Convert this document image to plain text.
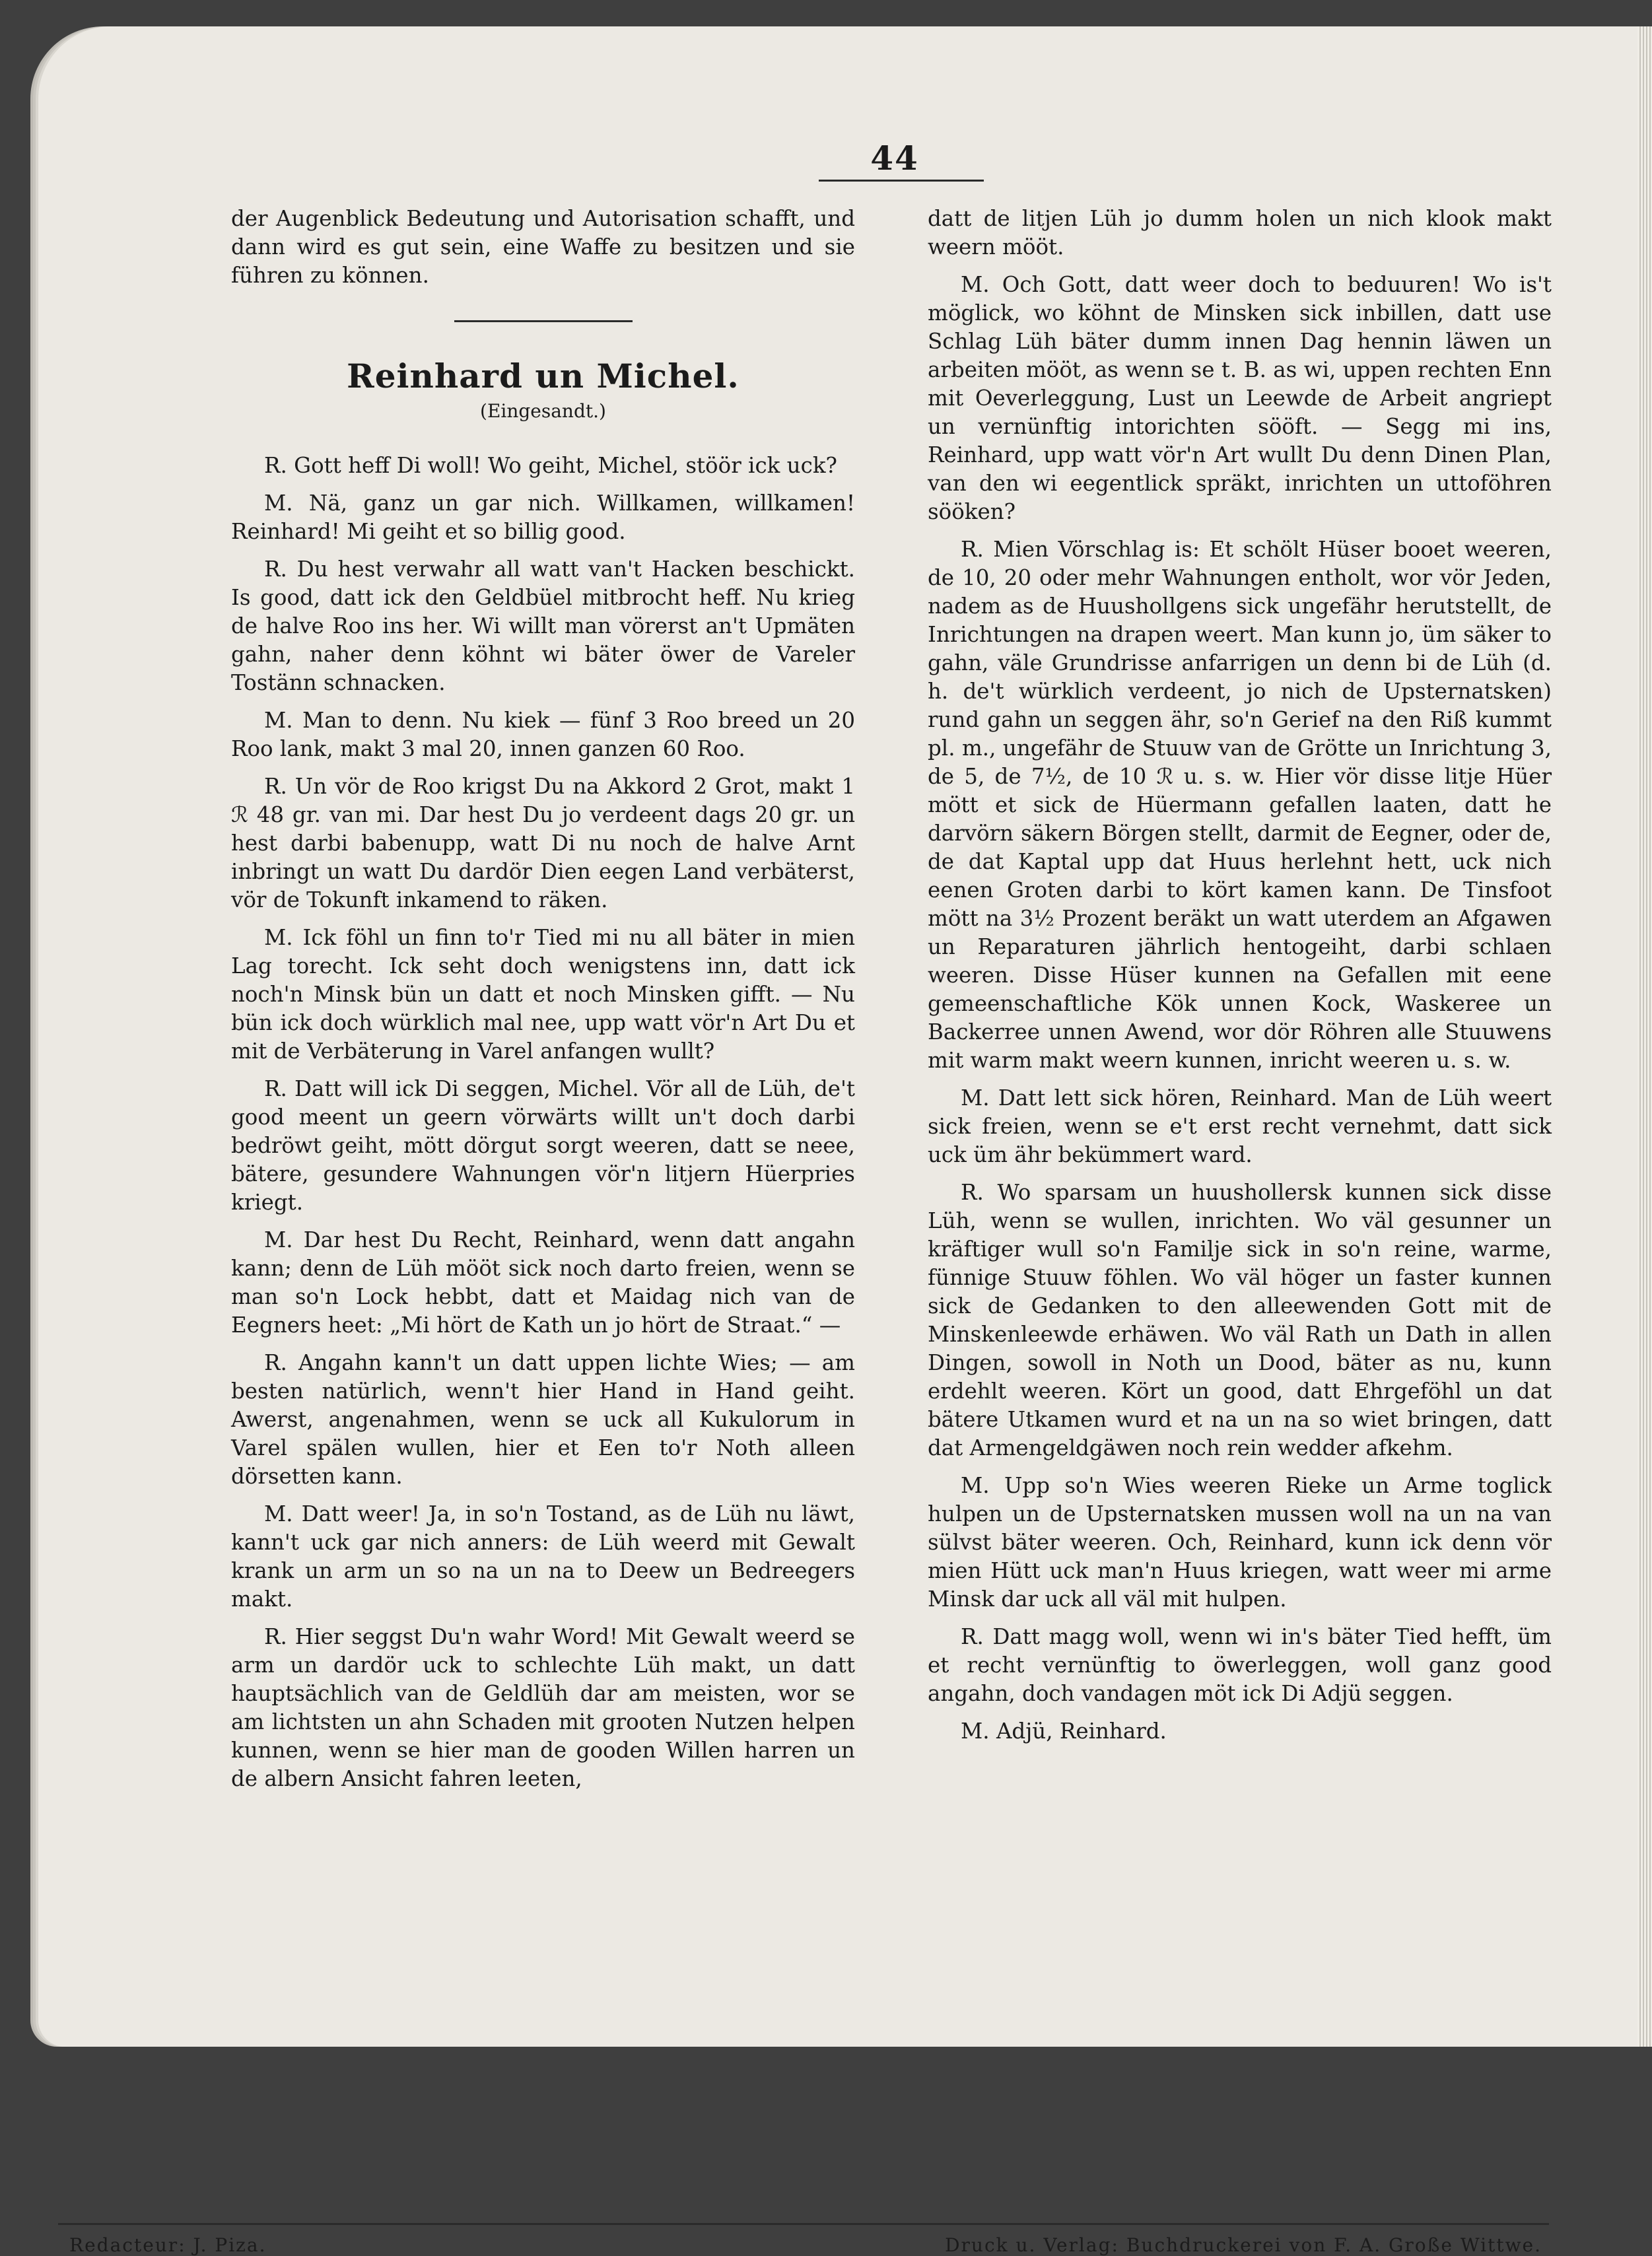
44

der Augenblick Bedeutung und Autorisation schafft, und dann wird es gut sein, eine Waffe zu besitzen und sie führen zu können.

Reinhard un Michel.
(Eingesandt.)

R. Gott heff Di woll! Wo geiht, Michel, stöör ick uck?

M. Nä, ganz un gar nich. Willkamen, willkamen! Reinhard! Mi geiht et so billig good.

R. Du hest verwahr all watt van't Hacken beschickt. Is good, datt ick den Geldbüel mitbrocht heff. Nu krieg de halve Roo ins her. Wi willt man vörerst an't Upmäten gahn, naher denn köhnt wi bäter öwer de Vareler Tostänn schnacken.

M. Man to denn. Nu kiek — fünf 3 Roo breed un 20 Roo lank, makt 3 mal 20, innen ganzen 60 Roo.

R. Un vör de Roo krigst Du na Akkord 2 Grot, makt 1 ℛ 48 gr. van mi. Dar hest Du jo verdeent dags 20 gr. un hest darbi babenupp, watt Di nu noch de halve Arnt inbringt un watt Du dardör Dien eegen Land verbäterst, vör de Tokunft inkamend to räken.

M. Ick föhl un finn to'r Tied mi nu all bäter in mien Lag torecht. Ick seht doch wenigstens inn, datt ick noch'n Minsk bün un datt et noch Minsken gifft. — Nu bün ick doch würklich mal nee, upp watt vör'n Art Du et mit de Verbäterung in Varel anfangen wullt?

R. Datt will ick Di seggen, Michel. Vör all de Lüh, de't good meent un geern vörwärts willt un't doch darbi bedröwt geiht, mött dörgut sorgt weeren, datt se neee, bätere, gesundere Wahnungen vör'n litjern Hüerpries kriegt.

M. Dar hest Du Recht, Reinhard, wenn datt angahn kann; denn de Lüh mööt sick noch darto freien, wenn se man so'n Lock hebbt, datt et Maidag nich van de Eegners heet: „Mi hört de Kath un jo hört de Straat.“ —

R. Angahn kann't un datt uppen lichte Wies; — am besten natürlich, wenn't hier Hand in Hand geiht. Awerst, angenahmen, wenn se uck all Kukulorum in Varel spälen wullen, hier et Een to'r Noth alleen dörsetten kann.

M. Datt weer! Ja, in so'n Tostand, as de Lüh nu läwt, kann't uck gar nich anners: de Lüh weerd mit Gewalt krank un arm un so na un na to Deew un Bedreegers makt.

R. Hier seggst Du'n wahr Word! Mit Gewalt weerd se arm un dardör uck to schlechte Lüh makt, un datt hauptsächlich van de Geldlüh dar am meisten, wor se am lichtsten un ahn Schaden mit grooten Nutzen helpen kunnen, wenn se hier man de gooden Willen harren un de albern Ansicht fahren leeten,

datt de litjen Lüh jo dumm holen un nich klook makt weern mööt.

M. Och Gott, datt weer doch to beduuren! Wo is't möglick, wo köhnt de Minsken sick inbillen, datt use Schlag Lüh bäter dumm innen Dag hennin läwen un arbeiten mööt, as wenn se t. B. as wi, uppen rechten Enn mit Oeverleggung, Lust un Leewde de Arbeit angriept un vernünftig intorichten sööft. — Segg mi ins, Reinhard, upp watt vör'n Art wullt Du denn Dinen Plan, van den wi eegentlick spräkt, inrichten un uttoföhren sööken?

R. Mien Vörschlag is: Et schölt Hüser booet weeren, de 10, 20 oder mehr Wahnungen entholt, wor vör Jeden, nadem as de Huushollgens sick ungefähr herutstellt, de Inrichtungen na drapen weert. Man kunn jo, üm säker to gahn, väle Grundrisse anfarrigen un denn bi de Lüh (d. h. de't würklich verdeent, jo nich de Upsternatsken) rund gahn un seggen ähr, so'n Gerief na den Riß kummt pl. m., ungefähr de Stuuw van de Grötte un Inrichtung 3, de 5, de 7½, de 10 ℛ u. s. w. Hier vör disse litje Hüer mött et sick de Hüermann gefallen laaten, datt he darvörn säkern Börgen stellt, darmit de Eegner, oder de, de dat Kaptal upp dat Huus herlehnt hett, uck nich eenen Groten darbi to kört kamen kann. De Tinsfoot mött na 3½ Prozent beräkt un watt uterdem an Afgawen un Reparaturen jährlich hentogeiht, darbi schlaen weeren. Disse Hüser kunnen na Gefallen mit eene gemeenschaftliche Kök unnen Kock, Waskeree un Backerree unnen Awend, wor dör Röhren alle Stuuwens mit warm makt weern kunnen, inricht weeren u. s. w.

M. Datt lett sick hören, Reinhard. Man de Lüh weert sick freien, wenn se e't erst recht vernehmt, datt sick uck üm ähr bekümmert ward.

R. Wo sparsam un huushollersk kunnen sick disse Lüh, wenn se wullen, inrichten. Wo väl gesunner un kräftiger wull so'n Familje sick in so'n reine, warme, fünnige Stuuw föhlen. Wo väl höger un faster kunnen sick de Gedanken to den alleewenden Gott mit de Minskenleewde erhäwen. Wo väl Rath un Dath in allen Dingen, sowoll in Noth un Dood, bäter as nu, kunn erdehlt weeren. Kört un good, datt Ehrgeföhl un dat bätere Utkamen wurd et na un na so wiet bringen, datt dat Armengeldgäwen noch rein wedder afkehm.

M. Upp so'n Wies weeren Rieke un Arme toglick hulpen un de Upsternatsken mussen woll na un na van sülvst bäter weeren. Och, Reinhard, kunn ick denn vör mien Hütt uck man'n Huus kriegen, watt weer mi arme Minsk dar uck all väl mit hulpen.

R. Datt magg woll, wenn wi in's bäter Tied hefft, üm et recht vernünftig to öwerleggen, woll ganz good angahn, doch vandagen möt ick Di Adjü seggen.

M. Adjü, Reinhard.

Redacteur: J. Piza.	Druck u. Verlag: Buchdruckerei von F. A. Große Wittwe.
